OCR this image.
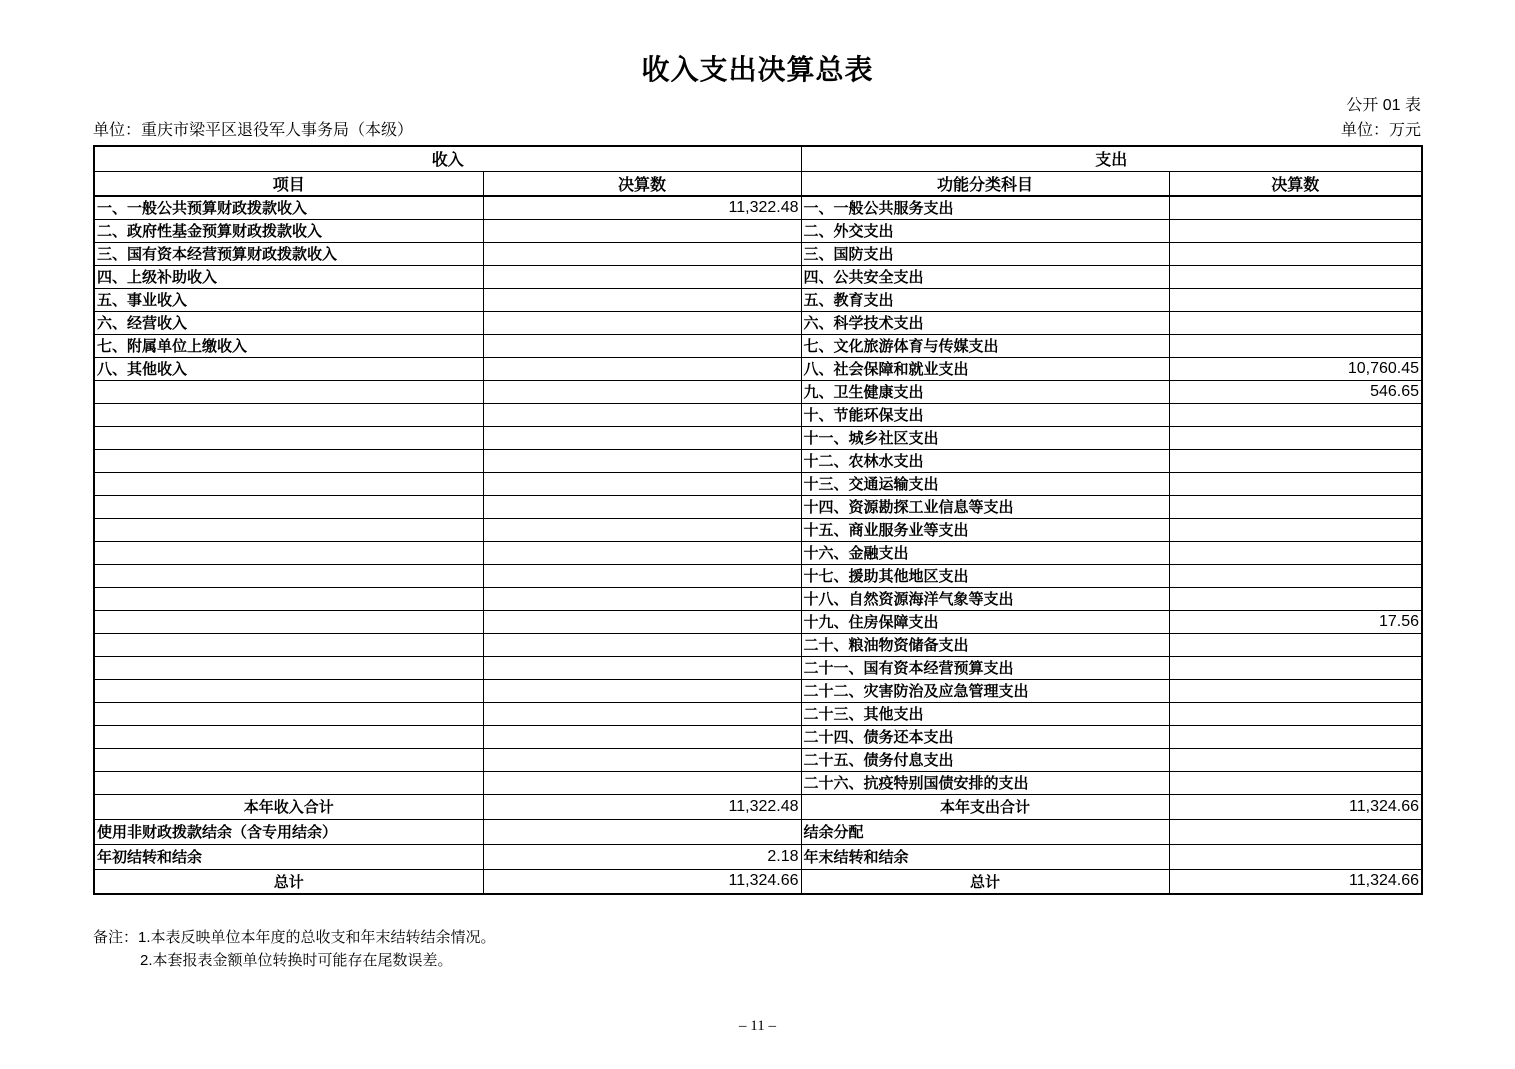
收入支出决算总表
公开 01 表
单位：重庆市梁平区退役军人事务局（本级）	单位：万元
收入		支出	
项目	决算数	功能分类科目	决算数
一、一般公共预算财政拨款收入	11,322.48	一、一般公共服务支出	
二、政府性基金预算财政拨款收入		二、外交支出	
三、国有资本经营预算财政拨款收入		三、国防支出	
四、上级补助收入		四、公共安全支出	
五、事业收入		五、教育支出	
六、经营收入		六、科学技术支出	
七、附属单位上缴收入		七、文化旅游体育与传媒支出	
八、其他收入		八、社会保障和就业支出	10,760.45
		九、卫生健康支出	546.65
		十、节能环保支出	
		十一、城乡社区支出	
		十二、农林水支出	
		十三、交通运输支出	
		十四、资源勘探工业信息等支出	
		十五、商业服务业等支出	
		十六、金融支出	
		十七、援助其他地区支出	
		十八、自然资源海洋气象等支出	
		十九、住房保障支出	17.56
		二十、粮油物资储备支出	
		二十一、国有资本经营预算支出	
		二十二、灾害防治及应急管理支出	
		二十三、其他支出	
		二十四、债务还本支出	
		二十五、债务付息支出	
		二十六、抗疫特别国债安排的支出	
本年收入合计	11,322.48	本年支出合计	11,324.66
使用非财政拨款结余（含专用结余）		结余分配	
年初结转和结余	2.18	年末结转和结余	
总计	11,324.66	总计	11,324.66
备注：1.本表反映单位本年度的总收支和年末结转结余情况。
2.本套报表金额单位转换时可能存在尾数误差。
– 11 –
